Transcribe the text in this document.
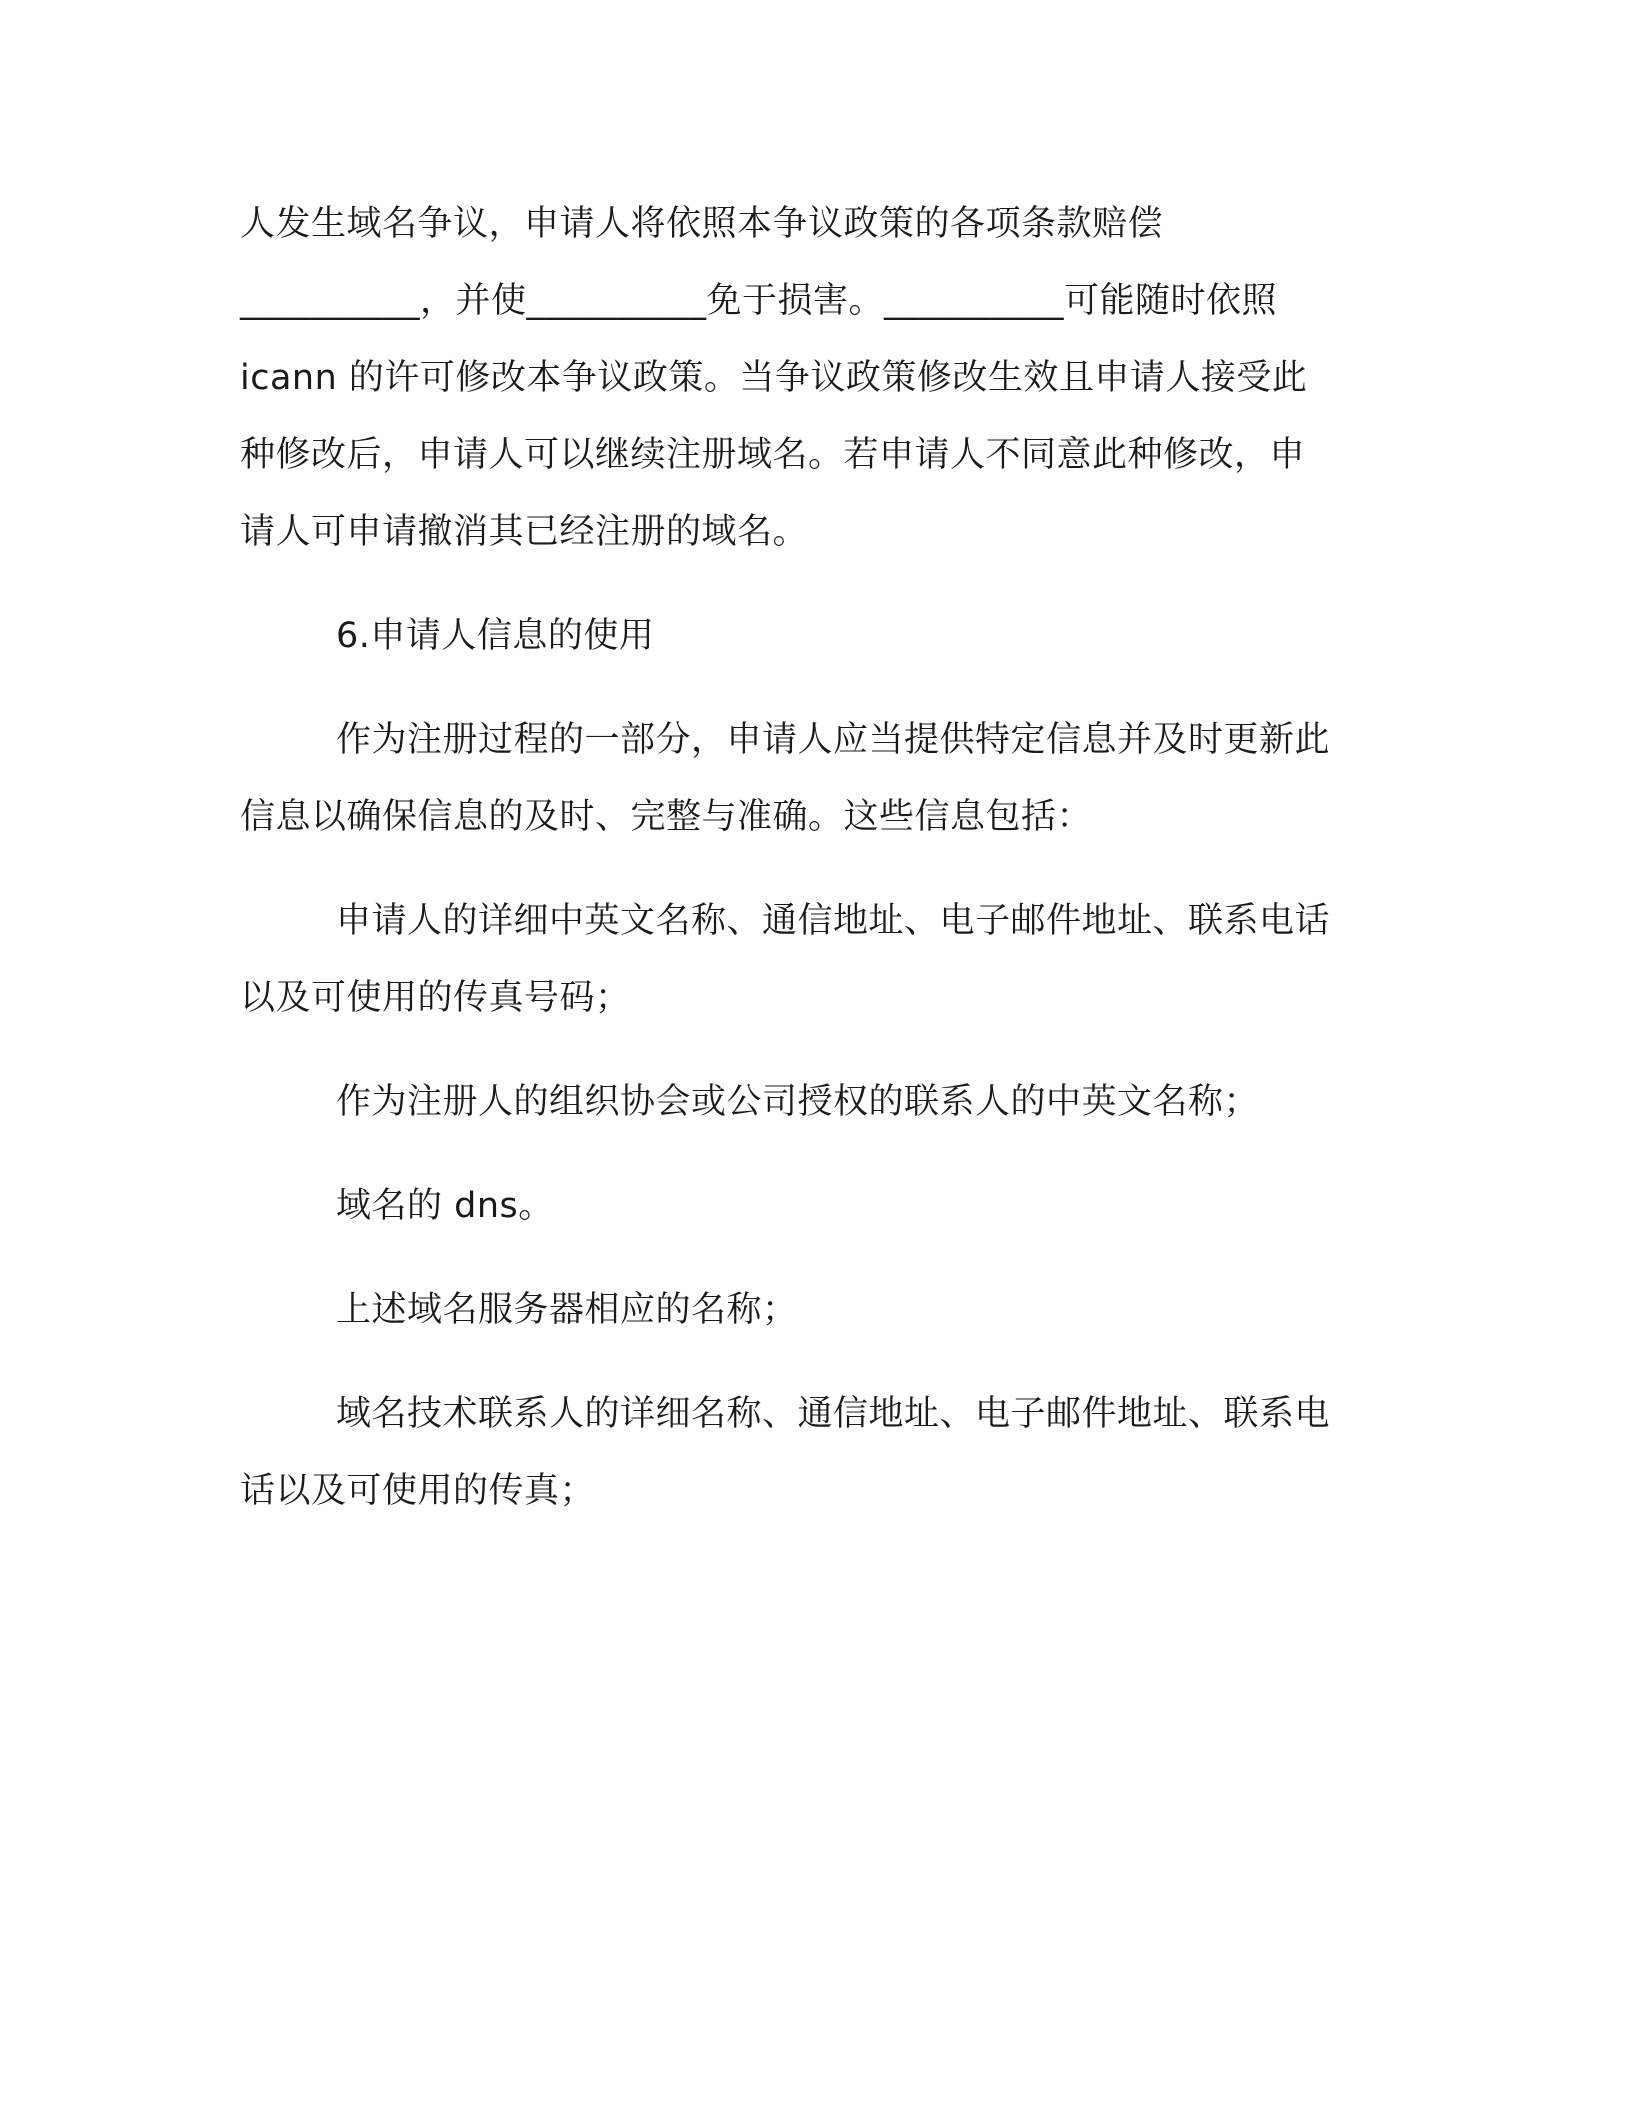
人发生域名争议，申请人将依照本争议政策的各项条款赔偿
__________，并使__________免于损害。__________可能随时依照
icann 的许可修改本争议政策。当争议政策修改生效且申请人接受此
种修改后，申请人可以继续注册域名。若申请人不同意此种修改，申
请人可申请撤消其已经注册的域名。

6.申请人信息的使用

作为注册过程的一部分，申请人应当提供特定信息并及时更新此
信息以确保信息的及时、完整与准确。这些信息包括：

申请人的详细中英文名称、通信地址、电子邮件地址、联系电话
以及可使用的传真号码；

作为注册人的组织协会或公司授权的联系人的中英文名称；

域名的 dns。

上述域名服务器相应的名称；

域名技术联系人的详细名称、通信地址、电子邮件地址、联系电
话以及可使用的传真；
